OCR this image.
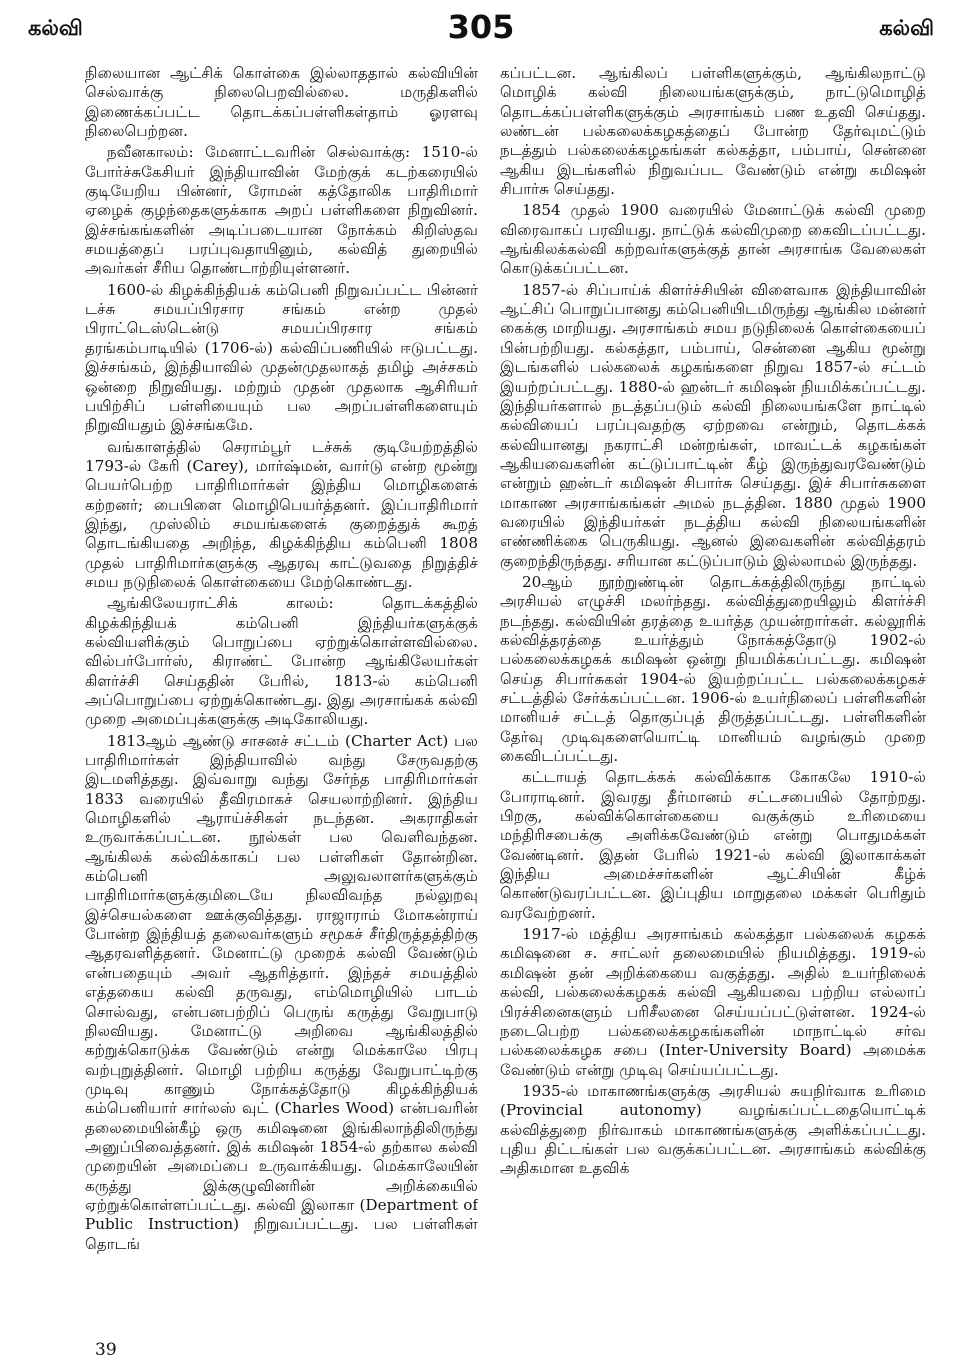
கல்வி	305	கல்வி

நிலையான ஆட்சிக் கொள்கை இல்லாததால் கல்வியின் செல்வாக்கு நிலைபெறவில்லை. மருதிகளில் இணைக்கப்பட்ட தொடக்கப்பள்ளிகள்தாம் ஓரளவு நிலைபெற்றன.

நவீனகாலம்: மேனாட்டவரின் செல்வாக்கு: 1510-ல் போர்ச்சுகேசியர் இந்தியாவின் மேற்குக் கடற்கரையில் குடியேறிய பின்னர், ரோமன் கத்தோலிக பாதிரிமார் ஏழைக் குழந்தைகளுக்காக அறப் பள்ளிகளை நிறுவினர். இச்சங்கங்களின் அடிப்படையான நோக்கம் கிறிஸ்தவ சமயத்தைப் பரப்புவதாயினும், கல்வித் துறையில் அவர்கள் சீரிய தொண்டாற்றியுள்ளனர்.

1600-ல் கிழக்கிந்தியக் கம்பெனி நிறுவப்பட்ட பின்னர் டச்சு சமயப்பிரசார சங்கம் என்ற முதல் பிராட்டெஸ்டென்டு சமயப்பிரசார சங்கம் தரங்கம்பாடியில் (1706-ல்) கல்விப்பணியில் ஈடுபட்டது. இச்சங்கம், இந்தியாவில் முதன்முதலாகத் தமிழ் அச்சகம் ஒன்றை நிறுவியது. மற்றும் முதன் முதலாக ஆசிரியர் பயிற்சிப் பள்ளியையும் பல அறப்பள்ளிகளையும் நிறுவியதும் இச்சங்கமே.

வங்காளத்தில் செராம்பூர் டச்சுக் குடியேற்றத்தில் 1793-ல் கேரி (Carey), மார்ஷ்மன், வார்டு என்ற மூன்று பெயர்பெற்ற பாதிரிமார்கள் இந்திய மொழிகளைக் கற்றனர்; பைபிளை மொழிபெயர்த்தனர். இப்பாதிரிமார் இந்து, முஸ்லிம் சமயங்களைக் குறைத்துக் கூறத் தொடங்கியதை அறிந்த, கிழக்கிந்திய கம்பெனி 1808 முதல் பாதிரிமார்களுக்கு ஆதரவு காட்டுவதை நிறுத்திச் சமய நடுநிலைக் கொள்கையை மேற்கொண்டது.

ஆங்கிலேயராட்சிக் காலம்: தொடக்கத்தில் கிழக்கிந்தியக் கம்பெனி இந்தியர்களுக்குக் கல்வியளிக்கும் பொறுப்பை ஏற்றுக்கொள்ளவில்லை. வில்பர்போர்ஸ், கிராண்ட் போன்ற ஆங்கிலேயர்கள் கிளர்ச்சி செய்ததின் பேரில், 1813-ல் கம்பெனி அப்பொறுப்பை ஏற்றுக்கொண்டது. இது அரசாங்கக் கல்வி முறை அமைப்புக்களுக்கு அடிகோலியது.

1813ஆம் ஆண்டு சாசனச் சட்டம் (Charter Act) பல பாதிரிமார்கள் இந்தியாவில் வந்து சேருவதற்கு இடமளித்தது. இவ்வாறு வந்து சேர்ந்த பாதிரிமார்கள் 1833 வரையில் தீவிரமாகச் செயலாற்றினர். இந்திய மொழிகளில் ஆராய்ச்சிகள் நடந்தன. அகராதிகள் உருவாக்கப்பட்டன. நூல்கள் பல வெளிவந்தன. ஆங்கிலக் கல்விக்காகப் பல பள்ளிகள் தோன்றின. கம்பெனி அலுவலாளர்களுக்கும் பாதிரிமார்களுக்குமிடையே நிலவிவந்த நல்லுறவு இச்செயல்களை ஊக்குவித்தது. ராஜாராம் மோகன்ராய் போன்ற இந்தியத் தலைவர்களும் சமூகச் சீர்திருத்தத்திற்கு ஆதரவளித்தனர். மேனாட்டு முறைக் கல்வி வேண்டும் என்பதையும் அவர் ஆதரித்தார். இந்தச் சமயத்தில் எத்தகைய கல்வி தருவது, எம்மொழியில் பாடம் சொல்வது, என்பனபற்றிப் பெருங் கருத்து வேறுபாடு நிலவியது. மேனாட்டு அறிவை ஆங்கிலத்தில் கற்றுக்கொடுக்க வேண்டும் என்று மெக்காலே பிரபு வற்புறுத்தினர். மொழி பற்றிய கருத்து வேறுபாட்டிற்கு முடிவு காணும் நோக்கத்தோடு கிழக்கிந்தியக் கம்பெனியார் சார்லஸ் வுட் (Charles Wood) என்பவரின் தலைமையின்கீழ் ஒரு கமிஷனை இங்கிலாந்திலிருந்து அனுப்பிவைத்தனர். இக் கமிஷன் 1854-ல் தற்கால கல்வி முறையின் அமைப்பை உருவாக்கியது. மெக்காலேயின் கருத்து இக்குழுவினரின் அறிக்கையில் ஏற்றுக்கொள்ளப்பட்டது. கல்வி இலாகா (Department of Public Instruction) நிறுவப்பட்டது. பல பள்ளிகள் தொடங்

கப்பட்டன. ஆங்கிலப் பள்ளிகளுக்கும், ஆங்கிலநாட்டு மொழிக் கல்வி நிலையங்களுக்கும், நாட்டுமொழித் தொடக்கப்பள்ளிகளுக்கும் அரசாங்கம் பண உதவி செய்தது. லண்டன் பல்கலைக்கழகத்தைப் போன்ற தேர்வுமட்டும் நடத்தும் பல்கலைக்கழகங்கள் கல்கத்தா, பம்பாய், சென்னை ஆகிய இடங்களில் நிறுவப்பட வேண்டும் என்று கமிஷன் சிபார்சு செய்தது.

1854 முதல் 1900 வரையில் மேனாட்டுக் கல்வி முறை விரைவாகப் பரவியது. நாட்டுக் கல்விமுறை கைவிடப்பட்டது. ஆங்கிலக்கல்வி கற்றவர்களுக்குத் தான் அரசாங்க வேலைகள் கொடுக்கப்பட்டன.

1857-ல் சிப்பாய்க் கிளர்ச்சியின் விளைவாக இந்தியாவின் ஆட்சிப் பொறுப்பானது கம்பெனியிடமிருந்து ஆங்கில மன்னர் கைக்கு மாறியது. அரசாங்கம் சமய நடுநிலைக் கொள்கையைப் பின்பற்றியது. கல்கத்தா, பம்பாய், சென்னை ஆகிய மூன்று இடங்களில் பல்கலைக் கழகங்களை நிறுவ 1857-ல் சட்டம் இயற்றப்பட்டது. 1880-ல் ஹன்டர் கமிஷன் நியமிக்கப்பட்டது. இந்தியர்களால் நடத்தப்படும் கல்வி நிலையங்களே நாட்டில் கல்வியைப் பரப்புவதற்கு ஏற்றவை என்றும், தொடக்கக் கல்வியானது நகராட்சி மன்றங்கள், மாவட்டக் கழகங்கள் ஆகியவைகளின் கட்டுப்பாட்டின் கீழ் இருந்துவரவேண்டும் என்றும் ஹன்டர் கமிஷன் சிபார்சு செய்தது. இச் சிபார்சுகளை மாகாண அரசாங்கங்கள் அமல் நடத்தின. 1880 முதல் 1900 வரையில் இந்தியர்கள் நடத்திய கல்வி நிலையங்களின் எண்ணிக்கை பெருகியது. ஆனல் இவைகளின் கல்வித்தரம் குறைந்திருந்தது. சரியான கட்டுப்பாடும் இல்லாமல் இருந்தது.

20ஆம் நூற்றுண்டின் தொடக்கத்திலிருந்து நாட்டில் அரசியல் எழுச்சி மலர்ந்தது. கல்வித்துறையிலும் கிளர்ச்சி நடந்தது. கல்வியின் தரத்தை உயர்த்த முயன்றார்கள். கல்லூரிக் கல்வித்தரத்தை உயர்த்தும் நோக்கத்தோடு 1902-ல் பல்கலைக்கழகக் கமிஷன் ஒன்று நியமிக்கப்பட்டது. கமிஷன் செய்த சிபார்சுகள் 1904-ல் இயற்றப்பட்ட பல்கலைக்கழகச் சட்டத்தில் சேர்க்கப்பட்டன. 1906-ல் உயர்நிலைப் பள்ளிகளின் மானியச் சட்டத் தொகுப்புத் திருத்தப்பட்டது. பள்ளிகளின் தேர்வு முடிவுகளையொட்டி மானியம் வழங்கும் முறை கைவிடப்பட்டது.

கட்டாயத் தொடக்கக் கல்விக்காக கோகலே 1910-ல் போராடினர். இவரது தீர்மானம் சட்டசபையில் தோற்றது. பிறகு, கல்விக்கொள்கையை வகுக்கும் உரிமையை மந்திரிசபைக்கு அளிக்கவேண்டும் என்று பொதுமக்கள் வேண்டினர். இதன் பேரில் 1921-ல் கல்வி இலாகாக்கள் இந்திய அமைச்சர்களின் ஆட்சியின் கீழ்க் கொண்டுவரப்பட்டன. இப்புதிய மாறுதலை மக்கள் பெரிதும் வரவேற்றனர்.

1917-ல் மத்திய அரசாங்கம் கல்கத்தா பல்கலைக் கழகக் கமிஷனை ச. சாட்லர் தலைமையில் நியமித்தது. 1919-ல் கமிஷன் தன் அறிக்கையை வகுத்தது. அதில் உயர்நிலைக் கல்வி, பல்கலைக்கழகக் கல்வி ஆகியவை பற்றிய எல்லாப் பிரச்சினைகளும் பரிசீலனை செய்யப்பட்டுள்ளன. 1924-ல் நடைபெற்ற பல்கலைக்கழகங்களின் மாநாட்டில் சர்வ பல்கலைக்கழக சபை (Inter-University Board) அமைக்க வேண்டும் என்று முடிவு செய்யப்பட்டது.

1935-ல் மாகாணங்களுக்கு அரசியல் சுயநிர்வாக உரிமை (Provincial autonomy) வழங்கப்பட்டதையொட்டிக் கல்வித்துறை நிர்வாகம் மாகாணங்களுக்கு அளிக்கப்பட்டது. புதிய திட்டங்கள் பல வகுக்கப்பட்டன. அரசாங்கம் கல்விக்கு அதிகமான உதவிக்

39
